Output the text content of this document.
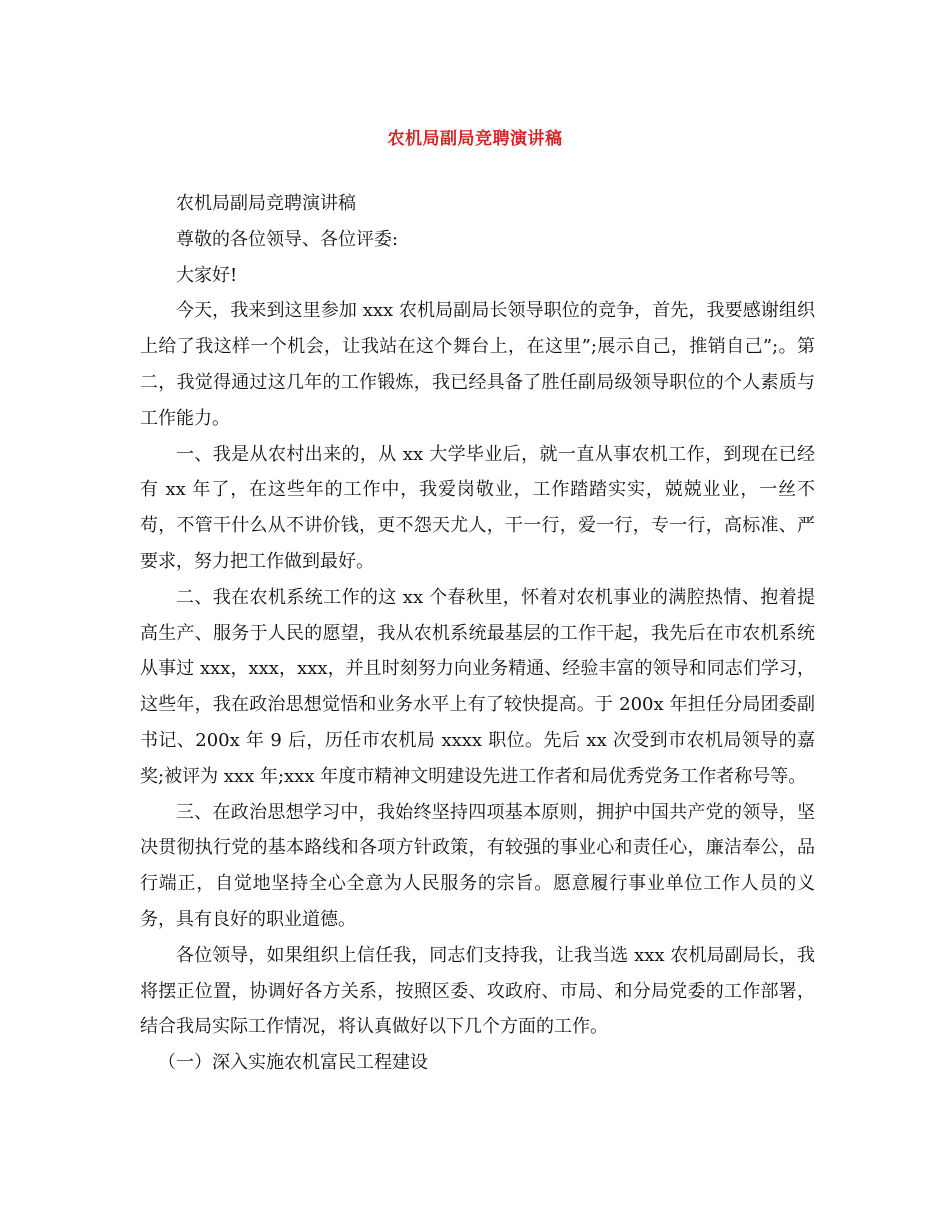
农机局副局竞聘演讲稿

农机局副局竞聘演讲稿

尊敬的各位领导、各位评委:

大家好!

今天，我来到这里参加 xxx 农机局副局长领导职位的竞争，首先，我要感谢组织上给了我这样一个机会，让我站在这个舞台上，在这里”;展示自己，推销自己”;。第二，我觉得通过这几年的工作锻炼，我已经具备了胜任副局级领导职位的个人素质与工作能力。

一、我是从农村出来的，从 xx 大学毕业后，就一直从事农机工作，到现在已经有 xx 年了，在这些年的工作中，我爱岗敬业，工作踏踏实实，兢兢业业，一丝不苟，不管干什么从不讲价钱，更不怨天尤人，干一行，爱一行，专一行，高标准、严要求，努力把工作做到最好。

二、我在农机系统工作的这 xx 个春秋里，怀着对农机事业的满腔热情、抱着提高生产、服务于人民的愿望，我从农机系统最基层的工作干起，我先后在市农机系统从事过 xxx，xxx，xxx，并且时刻努力向业务精通、经验丰富的领导和同志们学习，这些年，我在政治思想觉悟和业务水平上有了较快提高。于 200x 年担任分局团委副书记、200x 年 9 后，历任市农机局 xxxx 职位。先后 xx 次受到市农机局领导的嘉奖;被评为 xxx 年;xxx 年度市精神文明建设先进工作者和局优秀党务工作者称号等。

三、在政治思想学习中，我始终坚持四项基本原则，拥护中国共产党的领导，坚决贯彻执行党的基本路线和各项方针政策，有较强的事业心和责任心，廉洁奉公，品行端正，自觉地坚持全心全意为人民服务的宗旨。愿意履行事业单位工作人员的义务，具有良好的职业道德。

各位领导，如果组织上信任我，同志们支持我，让我当选 xxx 农机局副局长，我将摆正位置，协调好各方关系，按照区委、攻政府、市局、和分局党委的工作部署，结合我局实际工作情况，将认真做好以下几个方面的工作。

（一）深入实施农机富民工程建设
